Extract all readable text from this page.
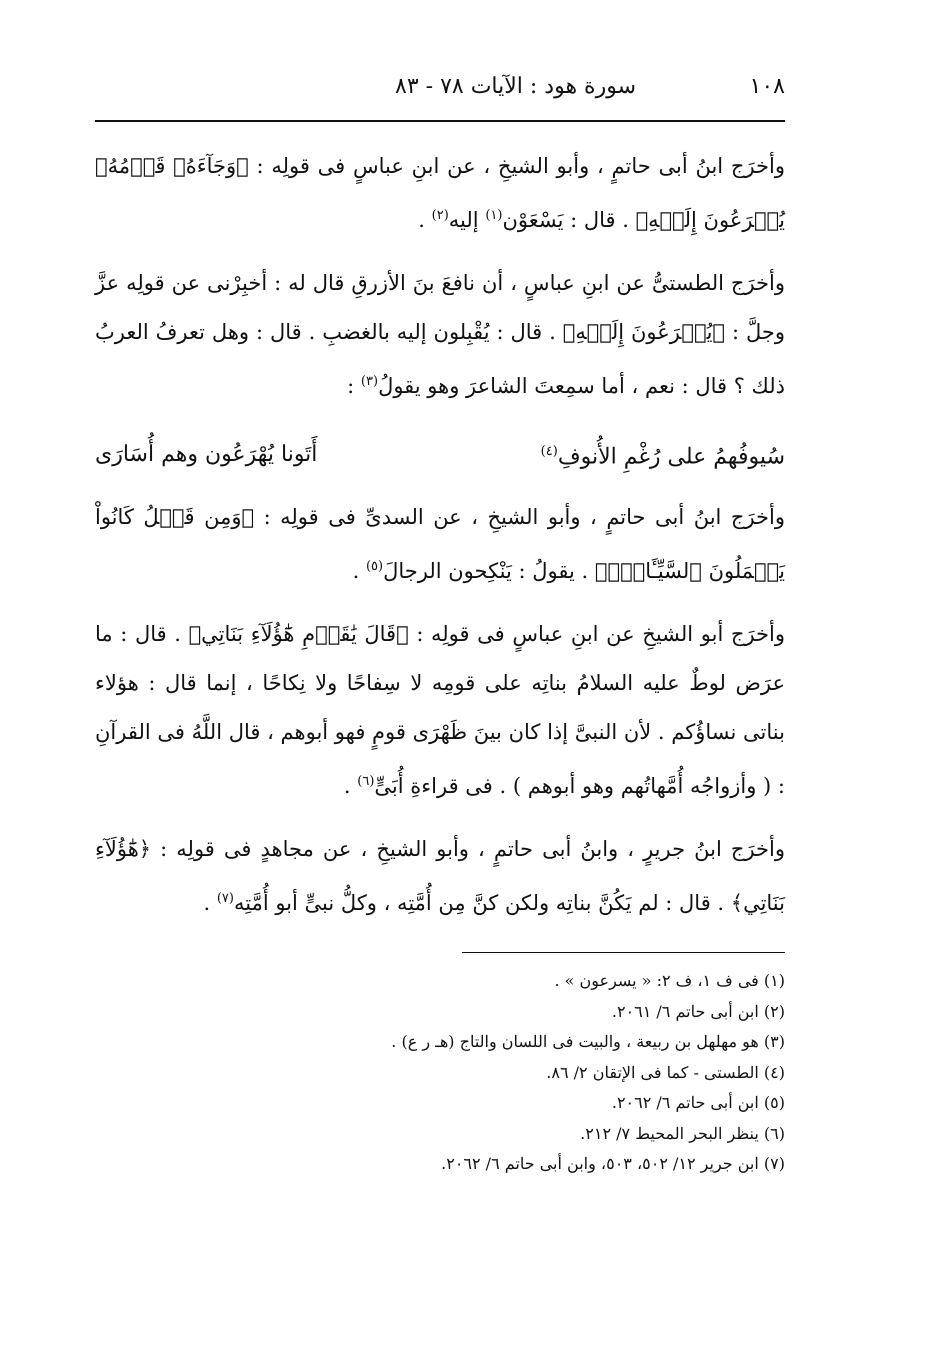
١٠٨
سورة هود : الآيات ٧٨ - ٨٣

وأخرَج ابنُ أبى حاتمٍ ، وأبو الشيخِ ، عن ابنِ عباسٍ فى قولِه : ﴿وَجَآءَهُۥ قَوۡمُهُۥ يُهۡرَعُونَ إِلَيۡهِ﴾ . قال : يَسْعَوْن$^{(١)}$ إليه$^{(٢)}$ .

وأخرَج الطستىُّ عن ابنِ عباسٍ ، أن نافعَ بنَ الأزرقِ قال له : أخبِرْنى عن قولِه عزَّ وجلَّ : ﴿يُهۡرَعُونَ إِلَيۡهِ﴾ . قال : يُقْبِلون إليه بالغضبِ . قال : وهل تعرفُ العربُ ذلك ؟ قال : نعم ، أما سمِعتَ الشاعرَ وهو يقولُ$^{(٣)}$ :

سُيوفُهمُ على رُغْمِ الأُنوفِ$^{(٤)}$
أَتَونا يُهْرَعُون وهم أُسَارَى

وأخرَج ابنُ أبى حاتمٍ ، وأبو الشيخِ ، عن السدىِّ فى قولِه : ﴿وَمِن قَبۡلُ كَانُواْ يَعۡمَلُونَ ٱلسَّيِّـَٔاتِۚ﴾ . يقولُ : يَنْكِحون الرجالَ$^{(٥)}$ .

وأخرَج أبو الشيخِ عن ابنِ عباسٍ فى قولِه : ﴿قَالَ يَٰقَوۡمِ هَٰٓؤُلَآءِ بَنَاتِي﴾ . قال : ما عرَض لوطٌ عليه السلامُ بناتِه على قومِه لا سِفاحًا ولا نِكاحًا ، إنما قال : هؤلاء بناتى نساؤُكم . لأن النبىَّ إذا كان بينَ ظَهْرَى قومٍ فهو أبوهم ، قال اللَّهُ فى القرآنِ : ( وأزواجُه أُمَّهاتُهم وهو أبوهم ) . فى قراءةِ أُبَىٍّ$^{(٦)}$ .

وأخرَج ابنُ جريرٍ ، وابنُ أبى حاتمٍ ، وأبو الشيخِ ، عن مجاهدٍ فى قولِه : ﴿هَٰٓؤُلَآءِ بَنَاتِي﴾ . قال : لم يَكُنَّ بناتِه ولكن كنَّ مِن أُمَّتِه ، وكلُّ نبىٍّ أبو أُمَّتِه$^{(٧)}$ .

(١) فى ف ١، ف ٢: « يسرعون » .
(٢) ابن أبى حاتم ٦/ ٢٠٦١.
(٣) هو مهلهل بن ربيعة ، والبيت فى اللسان والتاج (هـ ر ع) .
(٤) الطستى - كما فى الإتقان ٢/ ٨٦.
(٥) ابن أبى حاتم ٦/ ٢٠٦٢.
(٦) ينظر البحر المحيط ٧/ ٢١٢.
(٧) ابن جرير ١٢/ ٥٠٢، ٥٠٣، وابن أبى حاتم ٦/ ٢٠٦٢.
